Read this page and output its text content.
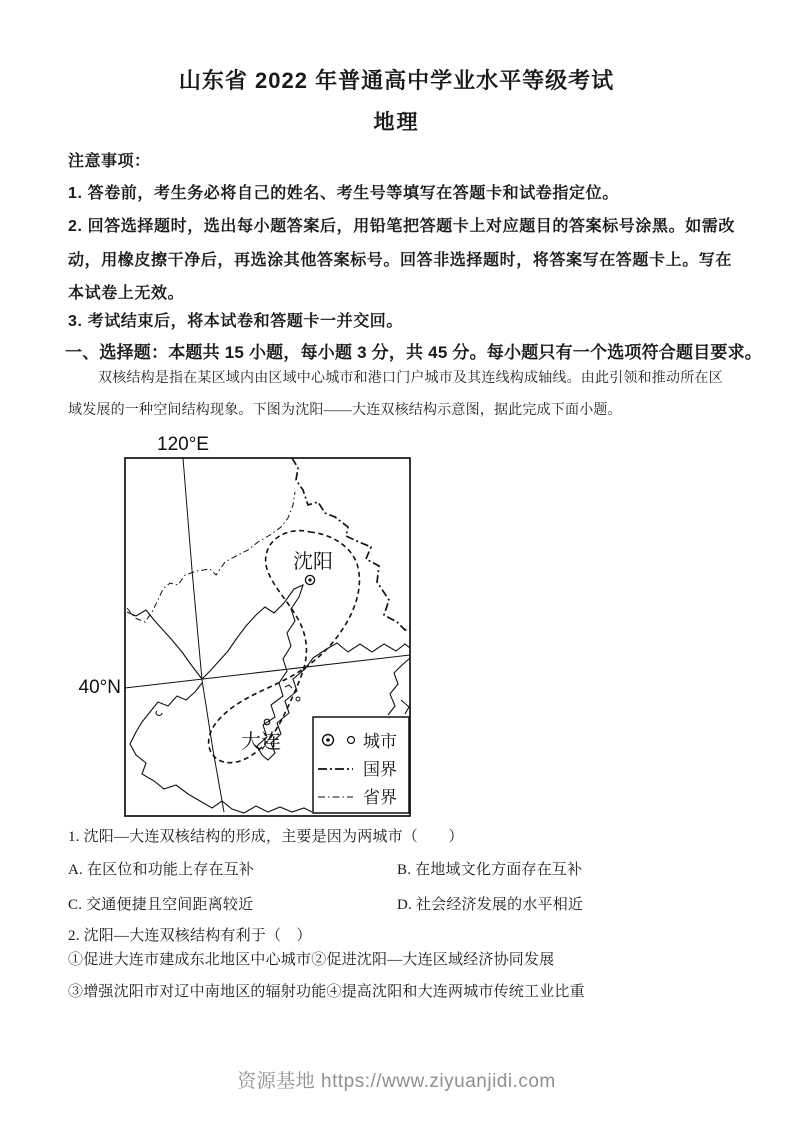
山东省 2022 年普通高中学业水平等级考试
地理
注意事项：
1. 答卷前，考生务必将自己的姓名、考生号等填写在答题卡和试卷指定位。
2. 回答选择题时，选出每小题答案后，用铅笔把答题卡上对应题目的答案标号涂黑。如需改
动，用橡皮擦干净后，再选涂其他答案标号。回答非选择题时，将答案写在答题卡上。写在
本试卷上无效。
3. 考试结束后，将本试卷和答题卡一并交回。
一、选择题：本题共 15 小题，每小题 3 分，共 45 分。每小题只有一个选项符合题目要求。
双核结构是指在某区域内由区域中心城市和港口门户城市及其连线构成轴线。由此引领和推动所在区
域发展的一种空间结构现象。下图为沈阳——大连双核结构示意图，据此完成下面小题。
120°E
40°N
沈阳
大连	城市
国界
省界
1. 沈阳—大连双核结构的形成，主要是因为两城市（　　）
A. 在区位和功能上存在互补	B. 在地域文化方面存在互补
C. 交通便捷且空间距离较近	D. 社会经济发展的水平相近
2. 沈阳—大连双核结构有利于（　）
①促进大连市建成东北地区中心城市②促进沈阳—大连区域经济协同发展
③增强沈阳市对辽中南地区的辐射功能④提高沈阳和大连两城市传统工业比重
资源基地 https://www.ziyuanjidi.com
